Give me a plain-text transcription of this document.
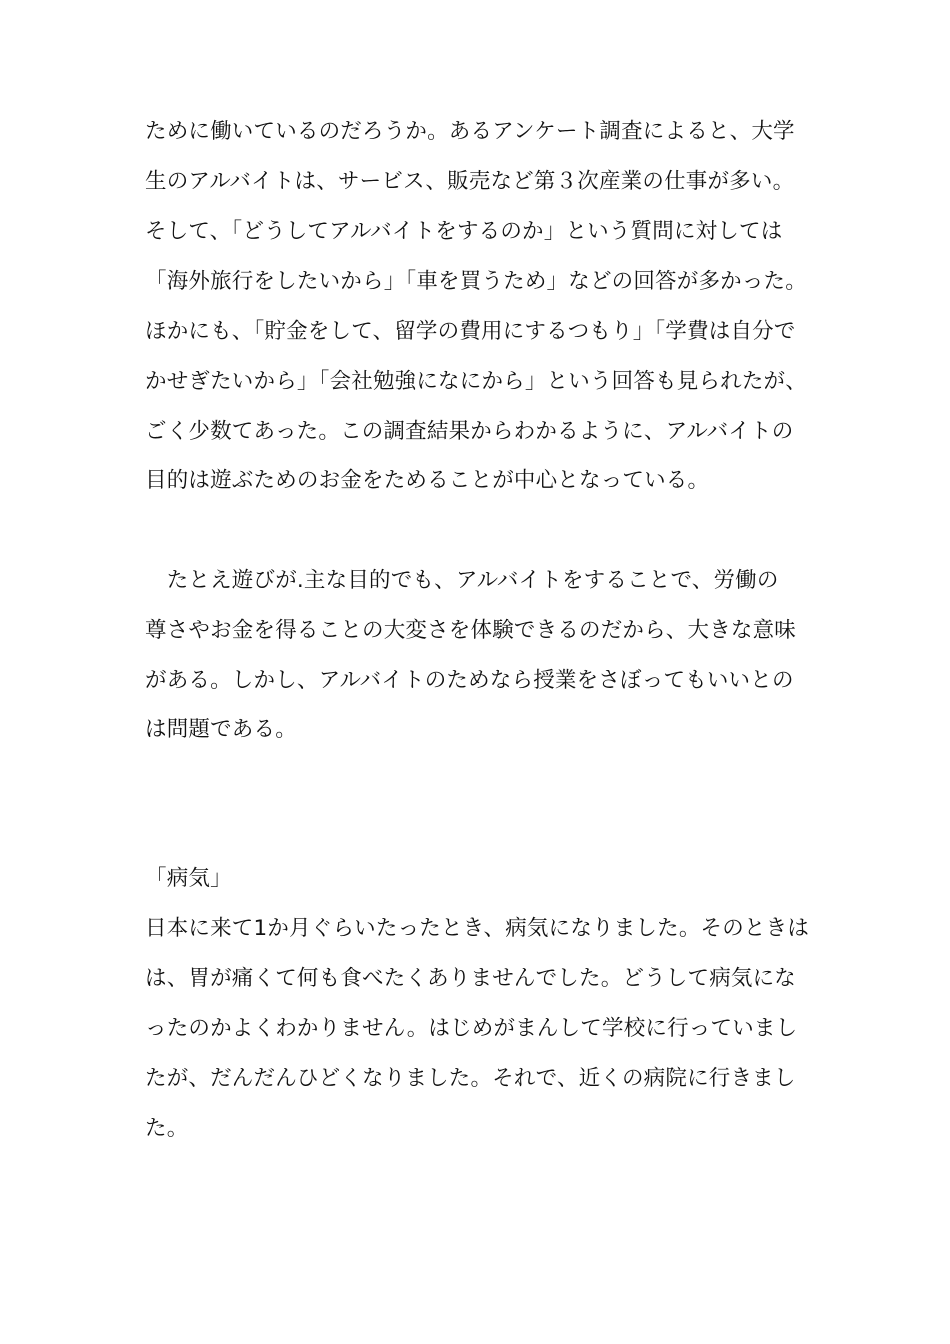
ために働いているのだろうか。あるアンケート調査によると、大学
生のアルバイトは、サービス、販売など第３次産業の仕事が多い。
そして、「どうしてアルバイトをするのか」という質問に対しては
「海外旅行をしたいから」「車を買うため」などの回答が多かった。
ほかにも、「貯金をして、留学の費用にするつもり」「学費は自分で
かせぎたいから」「会社勉強になにから」という回答も見られたが、
ごく少数てあった。この調査結果からわかるように、アルバイトの
目的は遊ぶためのお金をためることが中心となっている。
　たとえ遊びが.主な目的でも、アルバイトをすることで、労働の
尊さやお金を得ることの大変さを体験できるのだから、大きな意味
がある。しかし、アルバイトのためなら授業をさぼってもいいとの
は問題である。
「病気」
日本に来て1か月ぐらいたったとき、病気になりました。そのときは
は、胃が痛くて何も食べたくありませんでした。どうして病気にな
ったのかよくわかりません。はじめがまんして学校に行っていまし
たが、だんだんひどくなりました。それで、近くの病院に行きまし
た。
